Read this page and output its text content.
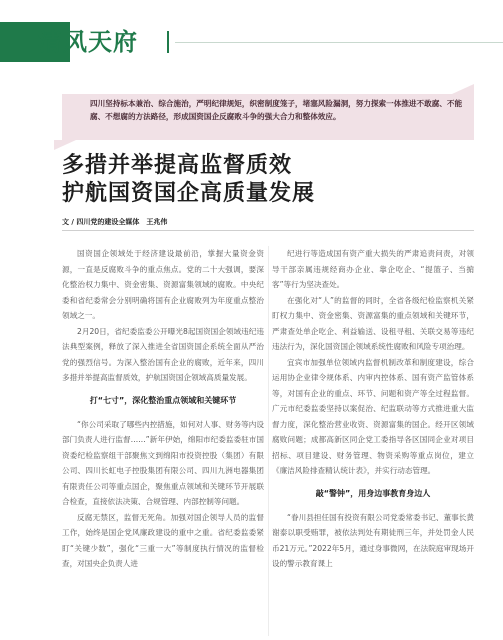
清风天府
四川坚持标本兼治、综合施治，严明纪律规矩，织密制度笼子，堵塞风险漏洞，努力探索一体推进不敢腐、不能腐、不想腐的方法路径，形成国资国企反腐败斗争的强大合力和整体效应。
多措并举提高监督质效
护航国资国企高质量发展
文 / 四川党的建设全媒体　王兆伟

国资国企领域处于经济建设最前沿，掌握大量资金资源，一直是反腐败斗争的重点焦点。党的二十大强调，要深化整治权力集中、资金密集、资源富集领域的腐败。中央纪委和省纪委常会分别明确将国有企业腐败列为年度重点整治领域之一。

2月20日，省纪委监委公开曝光8起国资国企领域违纪违法典型案例，释放了深入推进全省国资国企系统全面从严治党的强烈信号。为深入整治国有企业的腐败，近年来，四川多措并举提高监督质效，护航国资国企领域高质量发展。

打“七寸”，深化整治重点领域和关键环节

“你公司采取了哪些内控措施，如何对人事、财务等内设部门负责人进行监督……”新年伊始，绵阳市纪委监委驻市国资委纪检监察组干部聚焦文到绵阳市投资控股（集团）有限公司、四川长虹电子控股集团有限公司、四川九洲电器集团有限责任公司等重点国企，聚焦重点领域和关键环节开展联合检查，直接依法决策、合规管理、内部控制等问题。

反腐无禁区，监督无死角。加强对国企领导人员的监督工作，始终是国企党风廉政建设的重中之重。省纪委监委紧盯“关键少数”，强化“三重一大”等制度执行情况的监督检查，对国央企负责人进

纪进行等造成国有资产重大损失的严肃追责问责，对领导干部亲属违规经商办企业、靠企吃企、“提篮子、当掮客”等行为坚决查处。

在强化对“人”的监督的同时，全省各级纪检监察机关紧盯权力集中、资金密集、资源富集的重点领域和关键环节，严肃查处单企吃企、利益输送、设租寻租、关联交易等违纪违法行为，深化国资国企领域系统性腐败和风险专项治理。

宜宾市加强单位领域内监督机制改革和制度建设，综合运用协企业律令规体系、内审内控体系、国有资产监管体系等，对国有企业的重点、环节、问题和资产等全过程监督。广元市纪委监委坚持以案促治、纪监联动等方式推进重大监督力度，深化整治营业收资、资源富集的国企。经开区领域腐败问题；成都高新区同企党工委指导各区国同企业对项目招标、项目建设、财务管理、物资采购等重点岗位，建立《廉洁风险排查精认统计表》，并实行动态管理。

敲“警钟”，用身边事教育身边人

“眷川县担任国有投资有限公司党委常委书记、董事长黄谢泰以职受贿罪，被依法判处有期徒刑三年，并处罚金人民币21万元。”2022年5月，通过身事微网，在法院庭审现场开设的警示教育课上
